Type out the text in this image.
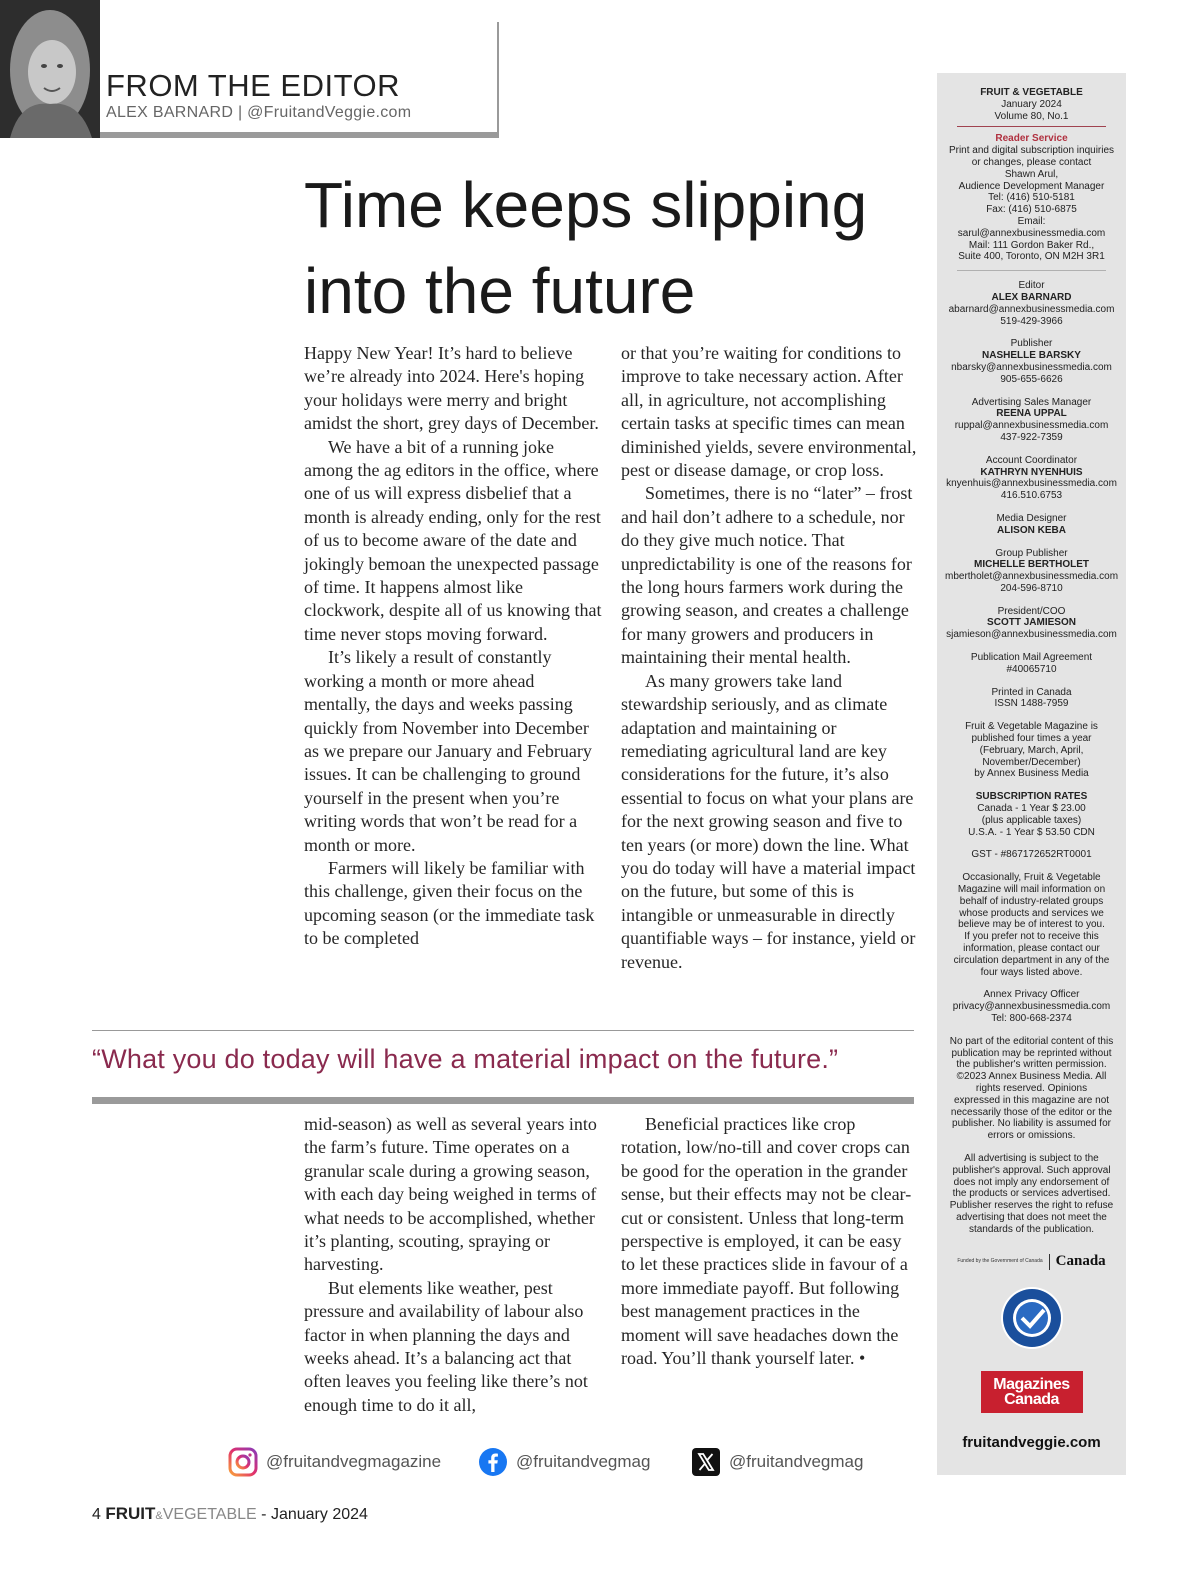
FROM THE EDITOR
ALEX BARNARD | @FruitandVeggie.com
Time keeps slipping
into the future

Happy New Year! It’s hard to believe we’re already into 2024. Here's hoping your holidays were merry and bright amidst the short, grey days of December.

We have a bit of a running joke among the ag editors in the office, where one of us will express disbelief that a month is already ending, only for the rest of us to become aware of the date and jokingly bemoan the unexpected passage of time. It happens almost like clockwork, despite all of us knowing that time never stops moving forward.

It’s likely a result of constantly working a month or more ahead mentally, the days and weeks passing quickly from November into December as we prepare our January and February issues. It can be challenging to ground yourself in the present when you’re writing words that won’t be read for a month or more.

Farmers will likely be familiar with this challenge, given their focus on the upcoming season (or the immediate task to be completed

or that you’re waiting for conditions to improve to take necessary action. After all, in agriculture, not accomplishing certain tasks at specific times can mean diminished yields, severe environmental, pest or disease damage, or crop loss.

Sometimes, there is no “later” – frost and hail don’t adhere to a schedule, nor do they give much notice. That unpredictability is one of the reasons for the long hours farmers work during the growing season, and creates a challenge for many growers and producers in maintaining their mental health.

As many growers take land stewardship seriously, and as climate adaptation and maintaining or remediating agricultural land are key considerations for the future, it’s also essential to focus on what your plans are for the next growing season and five to ten years (or more) down the line. What you do today will have a material impact on the future, but some of this is intangible or unmeasurable in directly quantifiable ways – for instance, yield or revenue.

“What you do today will have a material impact on the future.”

mid-season) as well as several years into the farm’s future. Time operates on a granular scale during a growing season, with each day being weighed in terms of what needs to be accomplished, whether it’s planting, scouting, spraying or harvesting.

But elements like weather, pest pressure and availability of labour also factor in when planning the days and weeks ahead. It’s a balancing act that often leaves you feeling like there’s not enough time to do it all,

Beneficial practices like crop rotation, low/no-till and cover crops can be good for the operation in the grander sense, but their effects may not be clear-cut or consistent. Unless that long-term perspective is employed, it can be easy to let these practices slide in favour of a more immediate payoff. But following best management practices in the moment will save headaches down the road. You’ll thank yourself later. •

@fruitandvegmagazine	@fruitandvegmag	@fruitandvegmag
4 FRUIT&VEGETABLE - January 2024
FRUIT & VEGETABLE
January 2024
Volume 80, No.1
Reader Service
Print and digital subscription inquiries
or changes, please contact
Shawn Arul,
Audience Development Manager
Tel: (416) 510-5181
Fax: (416) 510-6875
Email:
sarul@annexbusinessmedia.com
Mail: 111 Gordon Baker Rd.,
Suite 400, Toronto, ON M2H 3R1
Editor
ALEX BARNARD
abarnard@annexbusinessmedia.com
519-429-3966
Publisher
NASHELLE BARSKY
nbarsky@annexbusinessmedia.com
905-655-6626
Advertising Sales Manager
REENA UPPAL
ruppal@annexbusinessmedia.com
437-922-7359
Account Coordinator
KATHRYN NYENHUIS
knyenhuis@annexbusinessmedia.com
416.510.6753
Media Designer
ALISON KEBA
Group Publisher
MICHELLE BERTHOLET
mbertholet@annexbusinessmedia.com
204-596-8710
President/COO
SCOTT JAMIESON
sjamieson@annexbusinessmedia.com
Publication Mail Agreement
#40065710
Printed in Canada
ISSN 1488-7959
Fruit & Vegetable Magazine is
published four times a year
(February, March, April,
November/December)
by Annex Business Media
SUBSCRIPTION RATES
Canada - 1 Year $ 23.00
(plus applicable taxes)
U.S.A. - 1 Year $ 53.50 CDN
GST - #867172652RT0001
Occasionally, Fruit & Vegetable
Magazine will mail information on
behalf of industry-related groups
whose products and services we
believe may be of interest to you.
If you prefer not to receive this
information, please contact our
circulation department in any of the
four ways listed above.
Annex Privacy Officer
privacy@annexbusinessmedia.com
Tel: 800-668-2374
No part of the editorial content of this
publication may be reprinted without
the publisher's written permission.
©2023 Annex Business Media. All
rights reserved. Opinions
expressed in this magazine are not
necessarily those of the editor or the
publisher. No liability is assumed for
errors or omissions.
All advertising is subject to the
publisher's approval. Such approval
does not imply any endorsement of
the products or services advertised.
Publisher reserves the right to refuse
advertising that does not meet the
standards of the publication.
Funded by the Government of Canada Canada
Magazines
Canada
fruitandveggie.com
